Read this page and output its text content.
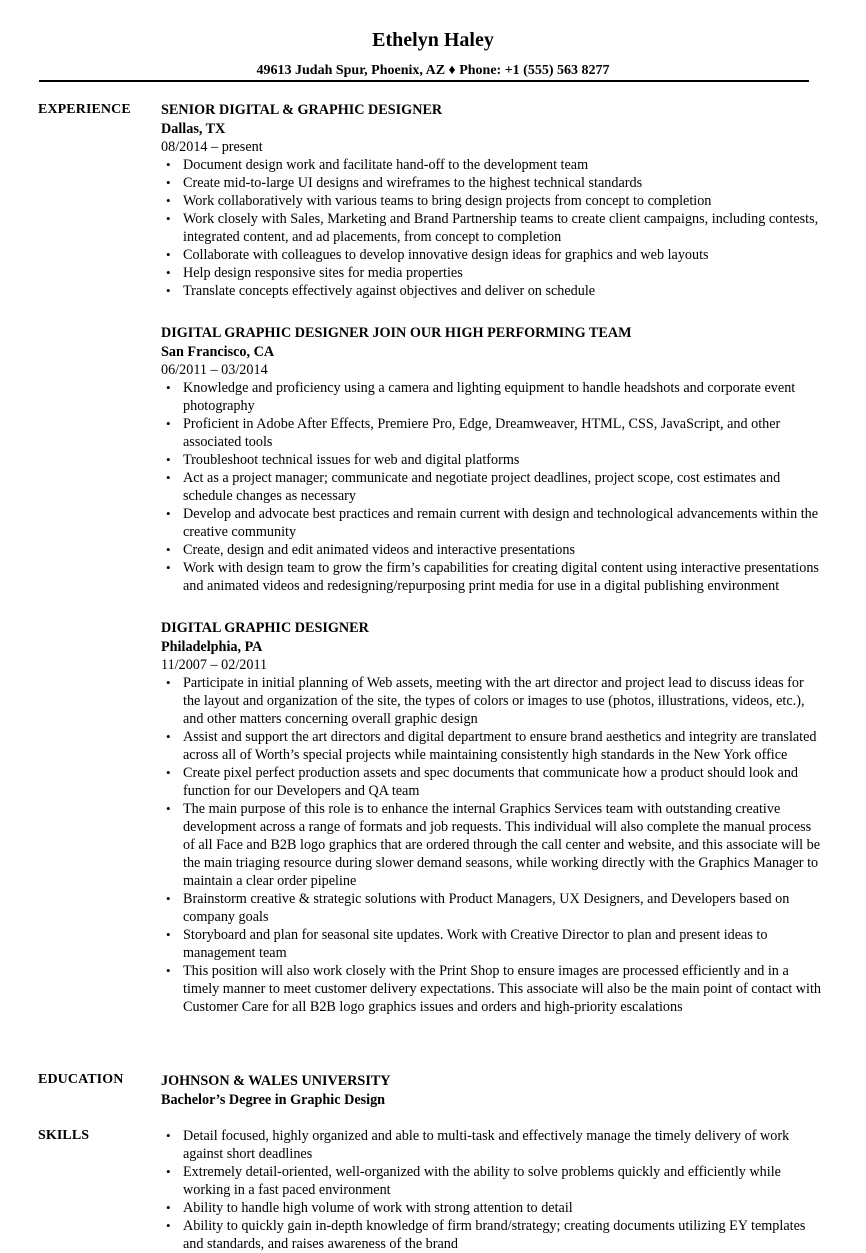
Ethelyn Haley
49613 Judah Spur, Phoenix, AZ ♦ Phone: +1 (555) 563 8277
EXPERIENCE SENIOR DIGITAL & GRAPHIC DESIGNER
Dallas, TX
08/2014 – present
• Document design work and facilitate hand-off to the development team
• Create mid-to-large UI designs and wireframes to the highest technical standards
• Work collaboratively with various teams to bring design projects from concept to completion
• Work closely with Sales, Marketing and Brand Partnership teams to create client campaigns, including contests, integrated content, and ad placements, from concept to completion
• Collaborate with colleagues to develop innovative design ideas for graphics and web layouts
• Help design responsive sites for media properties
• Translate concepts effectively against objectives and deliver on schedule
DIGITAL GRAPHIC DESIGNER JOIN OUR HIGH PERFORMING TEAM
San Francisco, CA
06/2011 – 03/2014
• Knowledge and proficiency using a camera and lighting equipment to handle headshots and corporate event photography
• Proficient in Adobe After Effects, Premiere Pro, Edge, Dreamweaver, HTML, CSS, JavaScript, and other associated tools
• Troubleshoot technical issues for web and digital platforms
• Act as a project manager; communicate and negotiate project deadlines, project scope, cost estimates and schedule changes as necessary
• Develop and advocate best practices and remain current with design and technological advancements within the creative community
• Create, design and edit animated videos and interactive presentations
• Work with design team to grow the firm’s capabilities for creating digital content using interactive presentations and animated videos and redesigning/repurposing print media for use in a digital publishing environment
DIGITAL GRAPHIC DESIGNER
Philadelphia, PA
11/2007 – 02/2011
• Participate in initial planning of Web assets, meeting with the art director and project lead to discuss ideas for the layout and organization of the site, the types of colors or images to use (photos, illustrations, videos, etc.), and other matters concerning overall graphic design
• Assist and support the art directors and digital department to ensure brand aesthetics and integrity are translated across all of Worth’s special projects while maintaining consistently high standards in the New York office
• Create pixel perfect production assets and spec documents that communicate how a product should look and function for our Developers and QA team
• The main purpose of this role is to enhance the internal Graphics Services team with outstanding creative development across a range of formats and job requests. This individual will also complete the manual process of all Face and B2B logo graphics that are ordered through the call center and website, and this associate will be the main triaging resource during slower demand seasons, while working directly with the Graphics Manager to maintain a clear order pipeline
• Brainstorm creative & strategic solutions with Product Managers, UX Designers, and Developers based on company goals
• Storyboard and plan for seasonal site updates. Work with Creative Director to plan and present ideas to management team
• This position will also work closely with the Print Shop to ensure images are processed efficiently and in a timely manner to meet customer delivery expectations. This associate will also be the main point of contact with Customer Care for all B2B logo graphics issues and orders and high-priority escalations
EDUCATION	JOHNSON & WALES UNIVERSITY
Bachelor’s Degree in Graphic Design
SKILLS
•	Detail focused, highly organized and able to multi-task and effectively manage the timely delivery of work against short deadlines
• Extremely detail-oriented, well-organized with the ability to solve problems quickly and efficiently while working in a fast paced environment
• Ability to handle high volume of work with strong attention to detail
• Ability to quickly gain in-depth knowledge of firm brand/strategy; creating documents utilizing EY templates and standards, and raises awareness of the brand
